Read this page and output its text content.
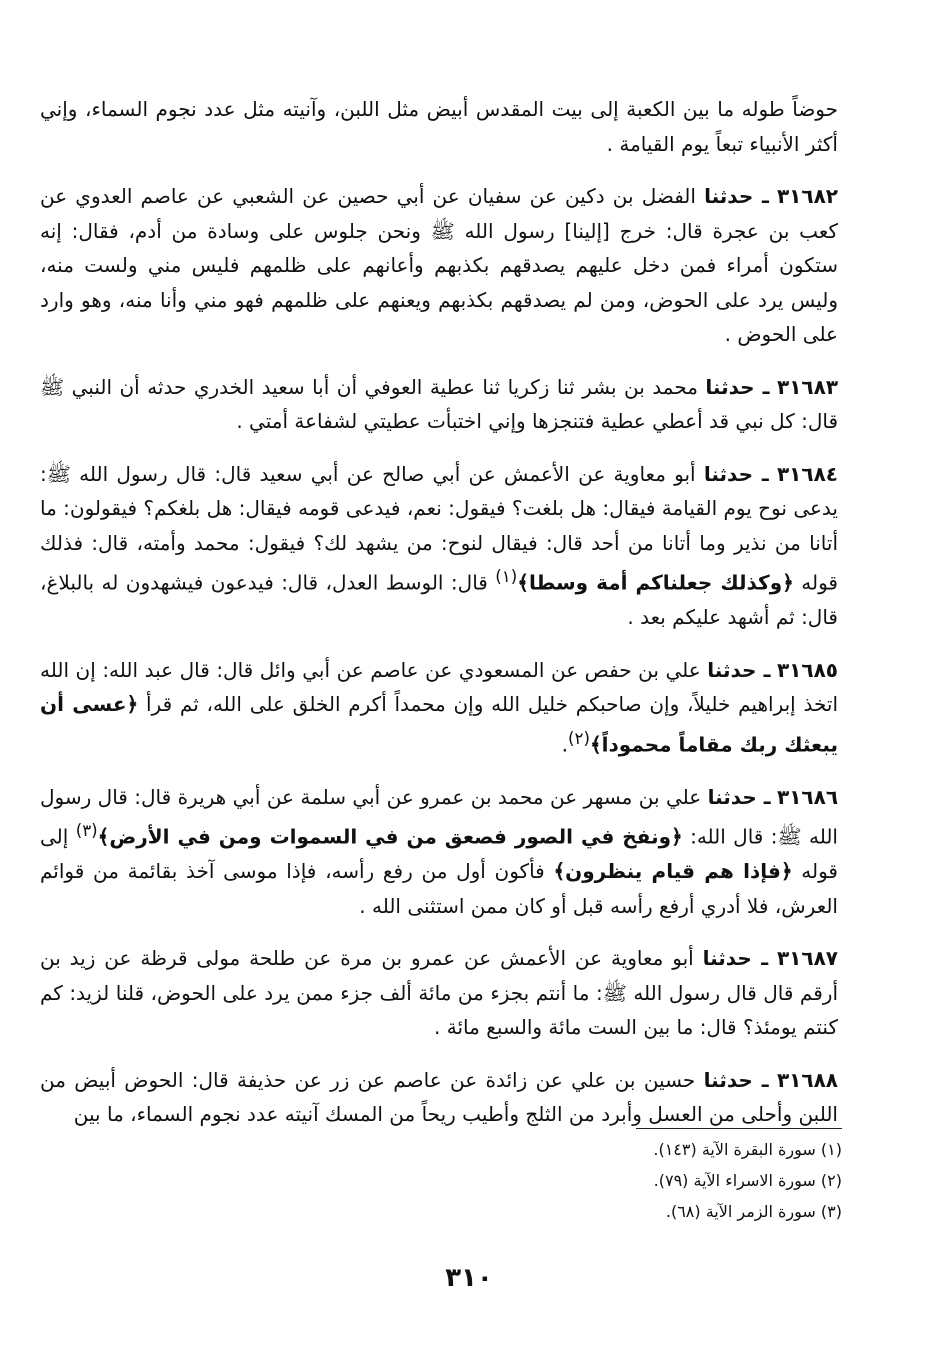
حوضاً طوله ما بين الكعبة إلى بيت المقدس أبيض مثل اللبن، وآنيته مثل عدد نجوم السماء، وإني أكثر الأنبياء تبعاً يوم القيامة .

٣١٦٨٢ ـ حدثنا الفضل بن دكين عن سفيان عن أبي حصين عن الشعبي عن عاصم العدوي عن كعب بن عجرة قال: خرج [إلينا] رسول الله ﷺ ونحن جلوس على وسادة من أدم، فقال: إنه ستكون أمراء فمن دخل عليهم يصدقهم بكذبهم وأعانهم على ظلمهم فليس مني ولست منه، وليس يرد على الحوض، ومن لم يصدقهم بكذبهم ويعنهم على ظلمهم فهو مني وأنا منه، وهو وارد على الحوض .

٣١٦٨٣ ـ حدثنا محمد بن بشر ثنا زكريا ثنا عطية العوفي أن أبا سعيد الخدري حدثه أن النبي ﷺ قال: كل نبي قد أعطي عطية فتنجزها وإني اختبأت عطيتي لشفاعة أمتي .

٣١٦٨٤ ـ حدثنا أبو معاوية عن الأعمش عن أبي صالح عن أبي سعيد قال: قال رسول الله ﷺ: يدعى نوح يوم القيامة فيقال: هل بلغت؟ فيقول: نعم، فيدعى قومه فيقال: هل بلغكم؟ فيقولون: ما أتانا من نذير وما أتانا من أحد قال: فيقال لنوح: من يشهد لك؟ فيقول: محمد وأمته، قال: فذلك قوله ﴿وكذلك جعلناكم أمة وسطا﴾$^{(١)}$ قال: الوسط العدل، قال: فيدعون فيشهدون له بالبلاغ، قال: ثم أشهد عليكم بعد .

٣١٦٨٥ ـ حدثنا علي بن حفص عن المسعودي عن عاصم عن أبي وائل قال: قال عبد الله: إن الله اتخذ إبراهيم خليلاً، وإن صاحبكم خليل الله وإن محمداً أكرم الخلق على الله، ثم قرأ ﴿عسى أن يبعثك ربك مقاماً محموداً﴾$^{(٢)}$.

٣١٦٨٦ ـ حدثنا علي بن مسهر عن محمد بن عمرو عن أبي سلمة عن أبي هريرة قال: قال رسول الله ﷺ: قال الله: ﴿ونفخ في الصور فصعق من في السموات ومن في الأرض﴾$^{(٣)}$ إلى قوله ﴿فإذا هم قيام ينظرون﴾ فأكون أول من رفع رأسه، فإذا موسى آخذ بقائمة من قوائم العرش، فلا أدري أرفع رأسه قبل أو كان ممن استثنى الله .

٣١٦٨٧ ـ حدثنا أبو معاوية عن الأعمش عن عمرو بن مرة عن طلحة مولى قرظة عن زيد بن أرقم قال قال رسول الله ﷺ: ما أنتم بجزء من مائة ألف جزء ممن يرد على الحوض، قلنا لزيد: كم كنتم يومئذ؟ قال: ما بين الست مائة والسبع مائة .

٣١٦٨٨ ـ حدثنا حسين بن علي عن زائدة عن عاصم عن زر عن حذيفة قال: الحوض أبيض من اللبن وأحلى من العسل وأبرد من الثلج وأطيب ريحاً من المسك آنيته عدد نجوم السماء، ما بين

(١) سورة البقرة الآية (١٤٣).
(٢) سورة الاسراء الآية (٧٩).
(٣) سورة الزمر الآية (٦٨).
٣١٠
